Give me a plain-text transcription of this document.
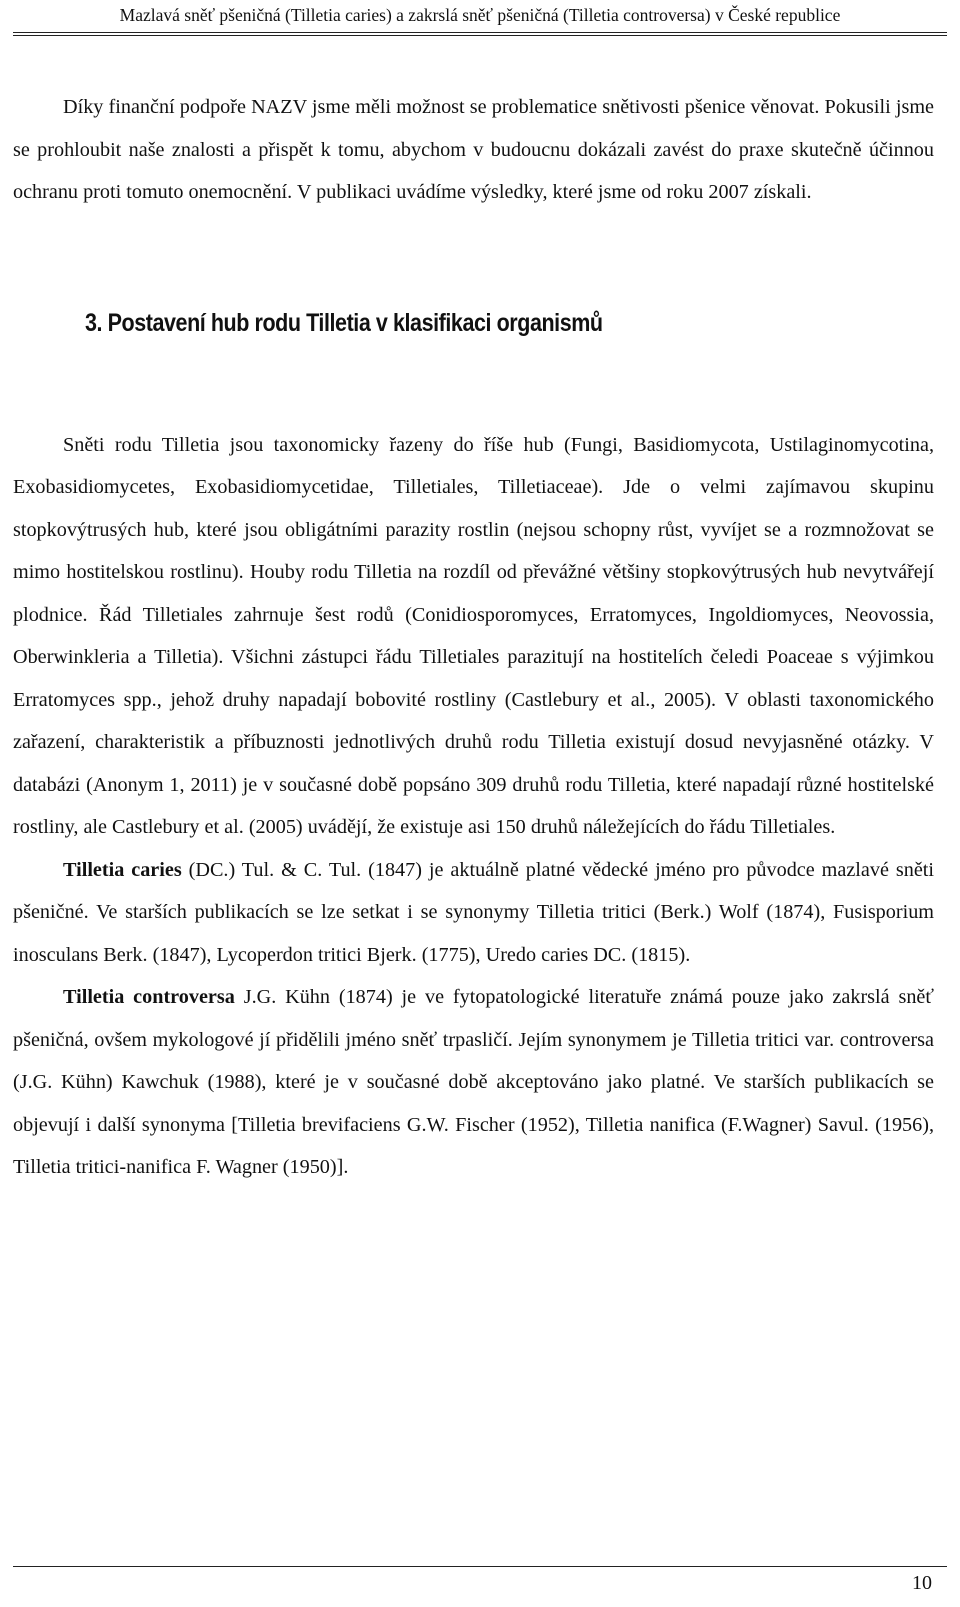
Mazlavá sněť pšeničná (Tilletia caries) a zakrslá sněť pšeničná (Tilletia controversa) v České republice

Díky finanční podpoře NAZV jsme měli možnost se problematice snětivosti pšenice věnovat. Pokusili jsme se prohloubit naše znalosti a přispět k tomu, abychom v budoucnu dokázali zavést do praxe skutečně účinnou ochranu proti tomuto onemocnění. V publikaci uvádíme výsledky, které jsme od roku 2007 získali.

3. Postavení hub rodu Tilletia v klasifikaci organismů

Sněti rodu Tilletia jsou taxonomicky řazeny do říše hub (Fungi, Basidiomycota, Ustilaginomycotina, Exobasidiomycetes, Exobasidiomycetidae, Tilletiales, Tilletiaceae). Jde o velmi zajímavou skupinu stopkovýtrusých hub, které jsou obligátními parazity rostlin (nejsou schopny růst, vyvíjet se a rozmnožovat se mimo hostitelskou rostlinu). Houby rodu Tilletia na rozdíl od převážné většiny stopkovýtrusých hub nevytvářejí plodnice. Řád Tilletiales zahrnuje šest rodů (Conidiosporomyces, Erratomyces, Ingoldiomyces, Neovossia, Oberwinkleria a Tilletia). Všichni zástupci řádu Tilletiales parazitují na hostitelích čeledi Poaceae s výjimkou Erratomyces spp., jehož druhy napadají bobovité rostliny (Castlebury et al., 2005). V oblasti taxonomického zařazení, charakteristik a příbuznosti jednotlivých druhů rodu Tilletia existují dosud nevyjasněné otázky. V databázi (Anonym 1, 2011) je v současné době popsáno 309 druhů rodu Tilletia, které napadají různé hostitelské rostliny, ale Castlebury et al. (2005) uvádějí, že existuje asi 150 druhů náležejících do řádu Tilletiales.

Tilletia caries (DC.) Tul. & C. Tul. (1847) je aktuálně platné vědecké jméno pro původce mazlavé sněti pšeničné. Ve starších publikacích se lze setkat i se synonymy Tilletia tritici (Berk.) Wolf (1874), Fusisporium inosculans Berk. (1847), Lycoperdon tritici Bjerk. (1775), Uredo caries DC. (1815).

Tilletia controversa J.G. Kühn (1874) je ve fytopatologické literatuře známá pouze jako zakrslá sněť pšeničná, ovšem mykologové jí přidělili jméno sněť trpasličí. Jejím synonymem je Tilletia tritici var. controversa (J.G. Kühn) Kawchuk (1988), které je v současné době akceptováno jako platné. Ve starších publikacích se objevují i další synonyma [Tilletia brevifaciens G.W. Fischer (1952), Tilletia nanifica (F.Wagner) Savul. (1956), Tilletia tritici-nanifica F. Wagner (1950)].

10
